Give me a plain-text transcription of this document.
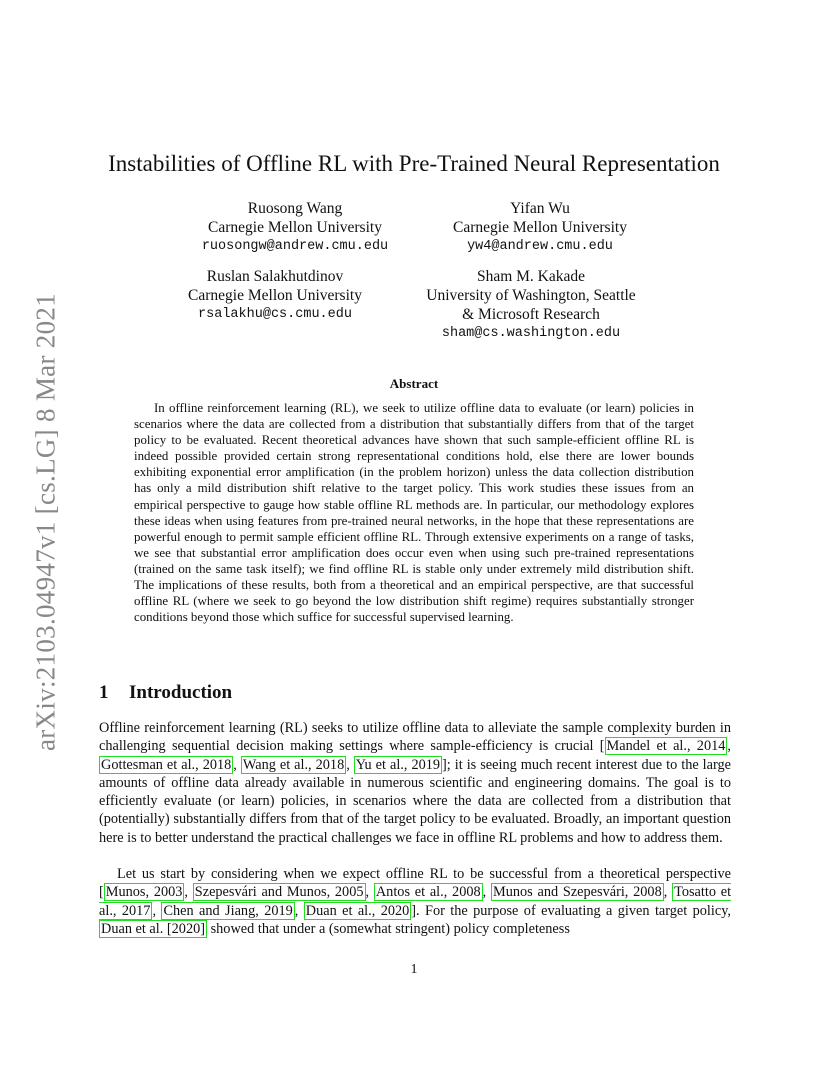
arXiv:2103.04947v1 [cs.LG] 8 Mar 2021
Instabilities of Offline RL with Pre-Trained Neural Representation
Ruosong Wang
Carnegie Mellon University
ruosongw@andrew.cmu.edu
Yifan Wu
Carnegie Mellon University
yw4@andrew.cmu.edu
Ruslan Salakhutdinov
Carnegie Mellon University
rsalakhu@cs.cmu.edu
Sham M. Kakade
University of Washington, Seattle
& Microsoft Research
sham@cs.washington.edu
Abstract
In offline reinforcement learning (RL), we seek to utilize offline data to evaluate (or learn) policies in scenarios where the data are collected from a distribution that substantially differs from that of the target policy to be evaluated. Recent theoretical advances have shown that such sample-efficient offline RL is indeed possible provided certain strong representational conditions hold, else there are lower bounds exhibiting exponential error amplification (in the problem horizon) unless the data collection distribution has only a mild distribution shift relative to the target policy. This work studies these issues from an empirical perspective to gauge how stable offline RL methods are. In particular, our methodology explores these ideas when using features from pre-trained neural networks, in the hope that these representations are powerful enough to permit sample efficient offline RL. Through extensive experiments on a range of tasks, we see that substantial error amplification does occur even when using such pre-trained representations (trained on the same task itself); we find offline RL is stable only under extremely mild distribution shift. The implications of these results, both from a theoretical and an empirical perspective, are that successful offline RL (where we seek to go beyond the low distribution shift regime) requires substantially stronger conditions beyond those which suffice for successful supervised learning.
1 Introduction

Offline reinforcement learning (RL) seeks to utilize offline data to alleviate the sample complexity burden in challenging sequential decision making settings where sample-efficiency is crucial [ Mandel et al., 2014 , Gottesman et al., 2018 , Wang et al., 2018 , Yu et al., 2019 ]; it is seeing much recent interest due to the large amounts of offline data already available in numerous scientific and engineering domains. The goal is to efficiently evaluate (or learn) policies, in scenarios where the data are collected from a distribution that (potentially) substantially differs from that of the target policy to be evaluated. Broadly, an important question here is to better understand the practical challenges we face in offline RL problems and how to address them.

Let us start by considering when we expect offline RL to be successful from a theoretical perspective [ Munos, 2003 , Szepesvári and Munos, 2005 , Antos et al., 2008 , Munos and Szepesvári, 2008 , Tosatto et al., 2017 , Chen and Jiang, 2019 , Duan et al., 2020 ]. For the purpose of evaluating a given target policy, Duan et al. [2020] showed that under a (somewhat stringent) policy completeness

1
